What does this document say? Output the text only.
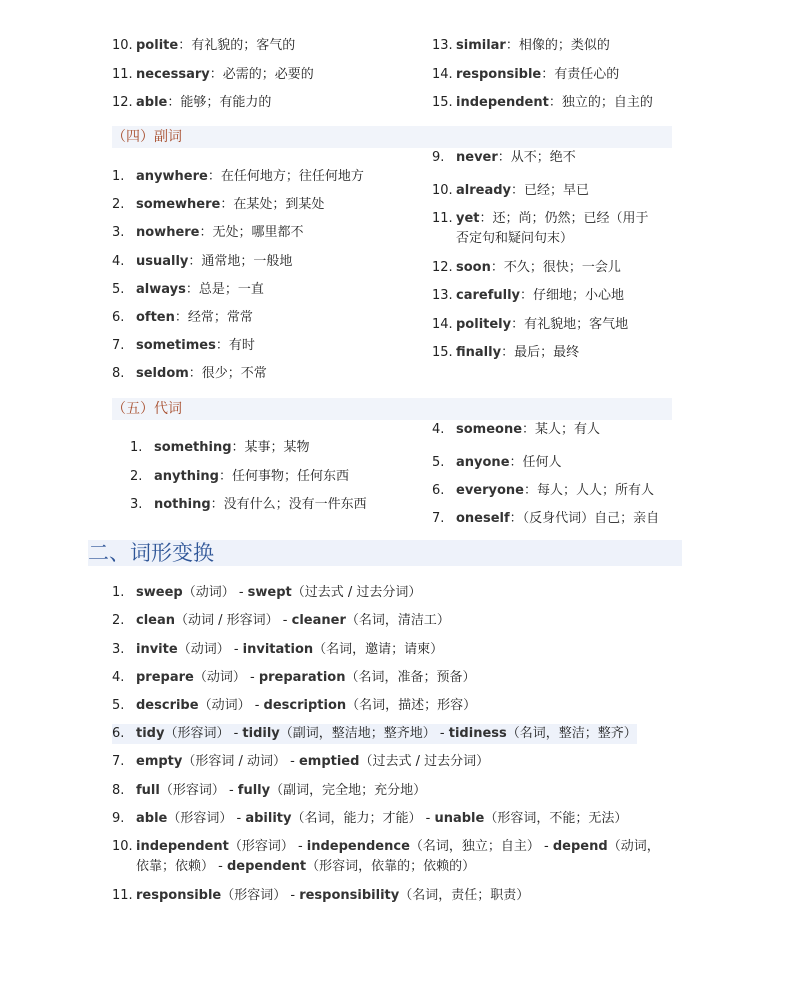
10. polite：有礼貌的；客气的
11. necessary：必需的；必要的
12. able：能够；有能力的
13. similar：相像的；类似的
14. responsible：有责任心的
15. independent：独立的；自主的
（四）副词
1. anywhere：在任何地方；往任何地方
2. somewhere：在某处；到某处
3. nowhere：无处；哪里都不
4. usually：通常地；一般地
5. always：总是；一直
6. often：经常；常常
7. sometimes：有时
8. seldom：很少；不常
9. never：从不；绝不
10. already：已经；早已
11. yet：还；尚；仍然；已经（用于
否定句和疑问句末）
12. soon：不久；很快；一会儿
13. carefully：仔细地；小心地
14. politely：有礼貌地；客气地
15. finally：最后；最终
（五）代词
1. something：某事；某物
2. anything：任何事物；任何东西
3. nothing：没有什么；没有一件东西
4. someone：某人；有人
5. anyone：任何人
6. everyone：每人；人人；所有人
7. oneself：（反身代词）自己；亲自
二、词形变换
1. sweep（动词） - swept（过去式 / 过去分词）
2. clean（动词 / 形容词） - cleaner（名词，清洁工）
3. invite（动词） - invitation（名词，邀请；请柬）
4. prepare（动词） - preparation（名词，准备；预备）
5. describe（动词） - description（名词，描述；形容）
6. tidy（形容词） - tidily（副词，整洁地；整齐地） - tidiness（名词，整洁；整齐）
7. empty（形容词 / 动词） - emptied（过去式 / 过去分词）
8. full（形容词） - fully（副词，完全地；充分地）
9. able（形容词） - ability（名词，能力；才能） - unable（形容词，不能；无法）
10. independent（形容词） - independence（名词，独立；自主） - depend（动词，
依靠；依赖） - dependent（形容词，依靠的；依赖的）
11. responsible（形容词） - responsibility（名词，责任；职责）
